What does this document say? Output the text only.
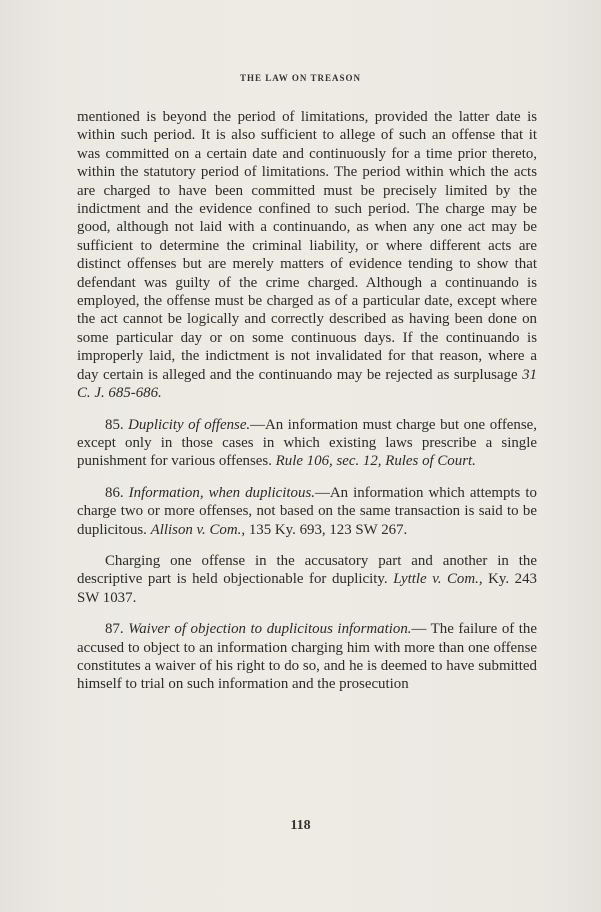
THE LAW ON TREASON

mentioned is beyond the period of limitations, provided the latter date is within such period. It is also sufficient to allege of such an offense that it was committed on a certain date and continuously for a time prior thereto, within the statutory period of limitations. The period within which the acts are charged to have been committed must be precisely limited by the indictment and the evidence confined to such period. The charge may be good, although not laid with a continuando, as when any one act may be sufficient to determine the criminal liability, or where different acts are distinct offenses but are merely matters of evidence tending to show that defendant was guilty of the crime charged. Although a continuando is employed, the offense must be charged as of a particular date, except where the act cannot be logically and correctly described as having been done on some particular day or on some continuous days. If the continuando is improperly laid, the indictment is not invalidated for that reason, where a day certain is alleged and the continuando may be rejected as surplusage 31 C. J. 685-686.

85. Duplicity of offense.—An information must charge but one offense, except only in those cases in which existing laws prescribe a single punishment for various offenses. Rule 106, sec. 12, Rules of Court.

86. Information, when duplicitous.—An information which attempts to charge two or more offenses, not based on the same transaction is said to be duplicitous. Allison v. Com., 135 Ky. 693, 123 SW 267.

Charging one offense in the accusatory part and another in the descriptive part is held objectionable for duplicity. Lyttle v. Com., Ky. 243 SW 1037.

87. Waiver of objection to duplicitous information.— The failure of the accused to object to an information charging him with more than one offense constitutes a waiver of his right to do so, and he is deemed to have submitted himself to trial on such information and the prosecution

118
